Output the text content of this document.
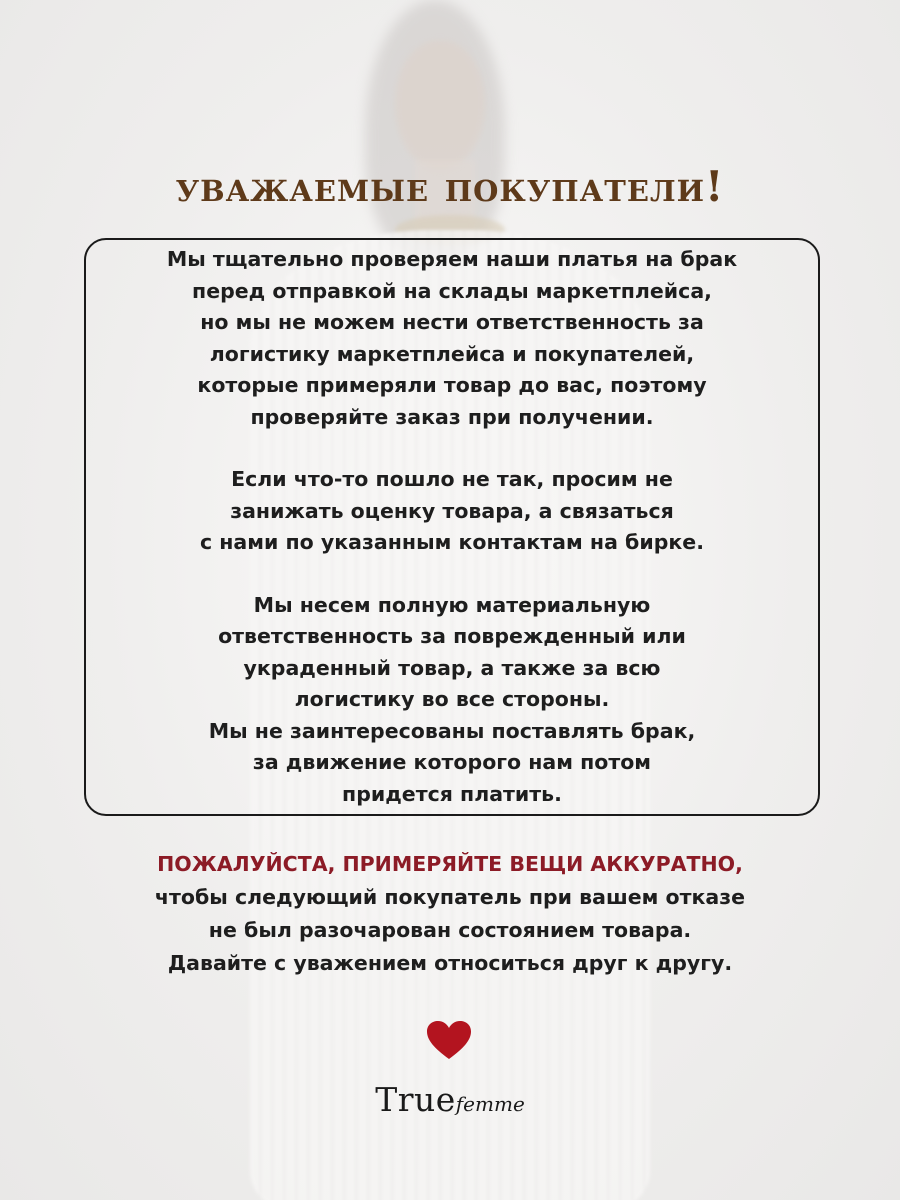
уважаемые покупатели!

Мы тщательно проверяем наши платья на брак
перед отправкой на склады маркетплейса,
но мы не можем нести ответственность за
логистику маркетплейса и покупателей,
которые примеряли товар до вас, поэтому
проверяйте заказ при получении.

Если что-то пошло не так, просим не
занижать оценку товара, а связаться
с нами по указанным контактам на бирке.

Мы несем полную материальную
ответственность за поврежденный или
украденный товар, а также за всю
логистику во все стороны.
Мы не заинтересованы поставлять брак,
за движение которого нам потом
придется платить.

ПОЖАЛУЙСТА, ПРИМЕРЯЙТЕ ВЕЩИ АККУРАТНО,
чтобы следующий покупатель при вашем отказе
не был разочарован состоянием товара.
Давайте с уважением относиться друг к другу.
Truefemme
